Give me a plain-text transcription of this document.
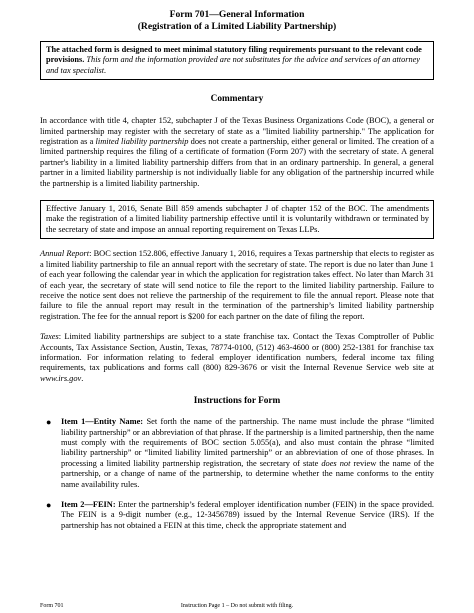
Form 701—General Information
(Registration of a Limited Liability Partnership)
The attached form is designed to meet minimal statutory filing requirements pursuant to the relevant code provisions. This form and the information provided are not substitutes for the advice and services of an attorney and tax specialist.
Commentary

In accordance with title 4, chapter 152, subchapter J of the Texas Business Organizations Code (BOC), a general or limited partnership may register with the secretary of state as a "limited liability partnership." The application for registration as a limited liability partnership does not create a partnership, either general or limited. The creation of a limited partnership requires the filing of a certificate of formation (Form 207) with the secretary of state. A general partner's liability in a limited liability partnership differs from that in an ordinary partnership. In general, a general partner in a limited liability partnership is not individually liable for any obligation of the partnership incurred while the partnership is a limited liability partnership.

Effective January 1, 2016, Senate Bill 859 amends subchapter J of chapter 152 of the BOC. The amendments make the registration of a limited liability partnership effective until it is voluntarily withdrawn or terminated by the secretary of state and impose an annual reporting requirement on Texas LLPs.

Annual Report: BOC section 152.806, effective January 1, 2016, requires a Texas partnership that elects to register as a limited liability partnership to file an annual report with the secretary of state. The report is due no later than June 1 of each year following the calendar year in which the application for registration takes effect. No later than March 31 of each year, the secretary of state will send notice to file the report to the limited liability partnership. Failure to receive the notice sent does not relieve the partnership of the requirement to file the annual report. Please note that failure to file the annual report may result in the termination of the partnership’s limited liability partnership registration. The fee for the annual report is $200 for each partner on the date of filing the report.

Taxes: Limited liability partnerships are subject to a state franchise tax. Contact the Texas Comptroller of Public Accounts, Tax Assistance Section, Austin, Texas, 78774-0100, (512) 463-4600 or (800) 252-1381 for franchise tax information. For information relating to federal employer identification numbers, federal income tax filing requirements, tax publications and forms call (800) 829-3676 or visit the Internal Revenue Service web site at www.irs.gov.

Instructions for Form
● Item 1—Entity Name: Set forth the name of the partnership. The name must include the phrase “limited liability partnership” or an abbreviation of that phrase. If the partnership is a limited partnership, then the name must comply with the requirements of BOC section 5.055(a), and also must contain the phrase “limited liability partnership” or “limited liability limited partnership” or an abbreviation of one of those phrases. In processing a limited liability partnership registration, the secretary of state does not review the name of the partnership, or a change of name of the partnership, to determine whether the name conforms to the entity name availability rules.
● Item 2—FEIN: Enter the partnership’s federal employer identification number (FEIN) in the space provided. The FEIN is a 9-digit number (e.g., 12-3456789) issued by the Internal Revenue Service (IRS). If the partnership has not obtained a FEIN at this time, check the appropriate statement and
Form 701	Instruction Page 1 – Do not submit with filing.
